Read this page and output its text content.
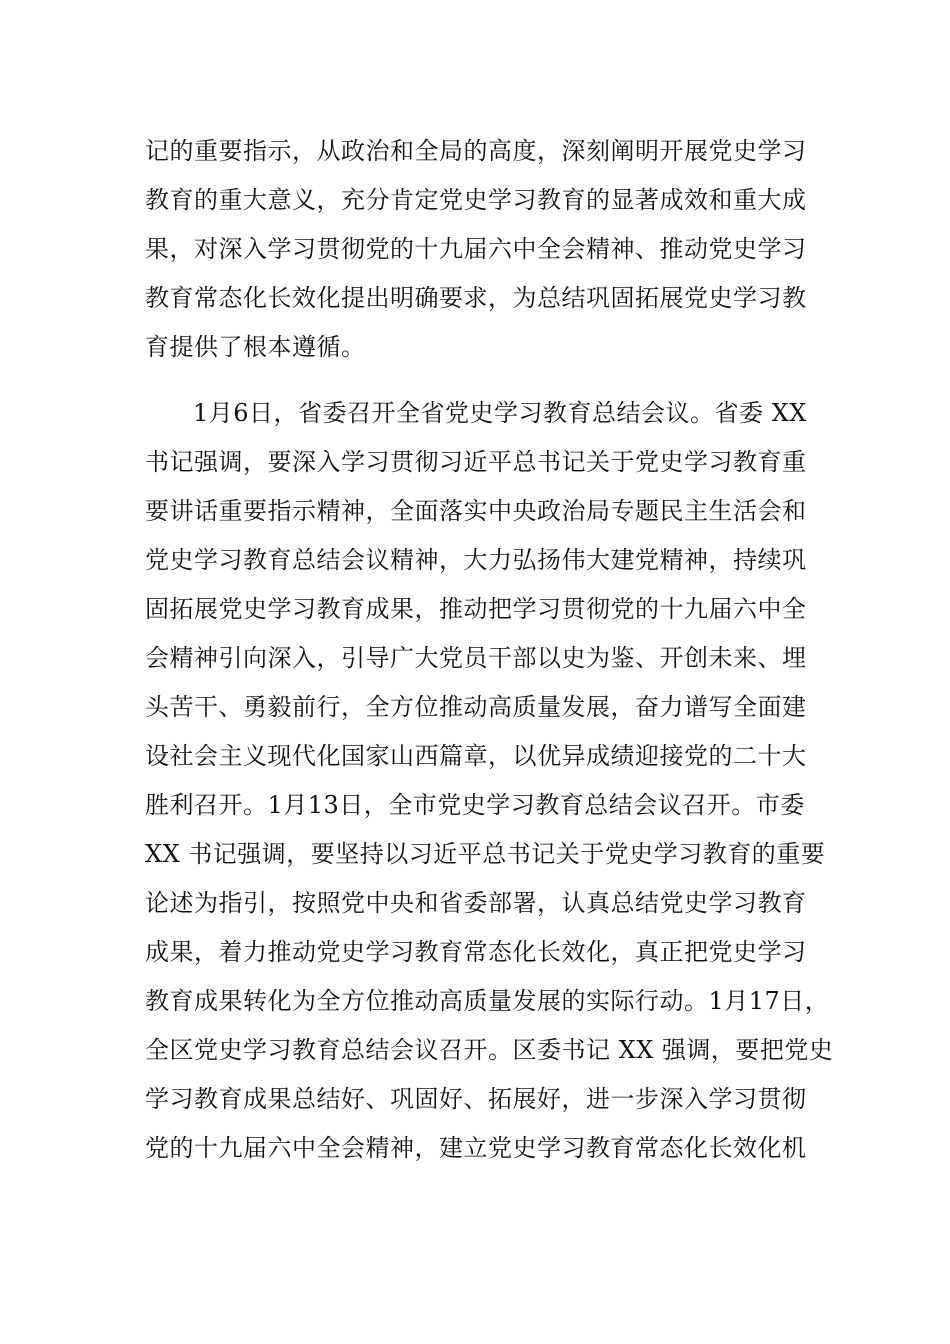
记的重要指示，从政治和全局的高度，深刻阐明开展党史学习
教育的重大意义，充分肯定党史学习教育的显著成效和重大成
果，对深入学习贯彻党的十九届六中全会精神、推动党史学习
教育常态化长效化提出明确要求，为总结巩固拓展党史学习教
育提供了根本遵循。
1月6日，省委召开全省党史学习教育总结会议。省委 XX
书记强调，要深入学习贯彻习近平总书记关于党史学习教育重
要讲话重要指示精神，全面落实中央政治局专题民主生活会和
党史学习教育总结会议精神，大力弘扬伟大建党精神，持续巩
固拓展党史学习教育成果，推动把学习贯彻党的十九届六中全
会精神引向深入，引导广大党员干部以史为鉴、开创未来、埋
头苦干、勇毅前行，全方位推动高质量发展，奋力谱写全面建
设社会主义现代化国家山西篇章，以优异成绩迎接党的二十大
胜利召开。1月13日，全市党史学习教育总结会议召开。市委
XX 书记强调，要坚持以习近平总书记关于党史学习教育的重要
论述为指引，按照党中央和省委部署，认真总结党史学习教育
成果，着力推动党史学习教育常态化长效化，真正把党史学习
教育成果转化为全方位推动高质量发展的实际行动。1月17日，
全区党史学习教育总结会议召开。区委书记 XX 强调，要把党史
学习教育成果总结好、巩固好、拓展好，进一步深入学习贯彻
党的十九届六中全会精神，建立党史学习教育常态化长效化机
